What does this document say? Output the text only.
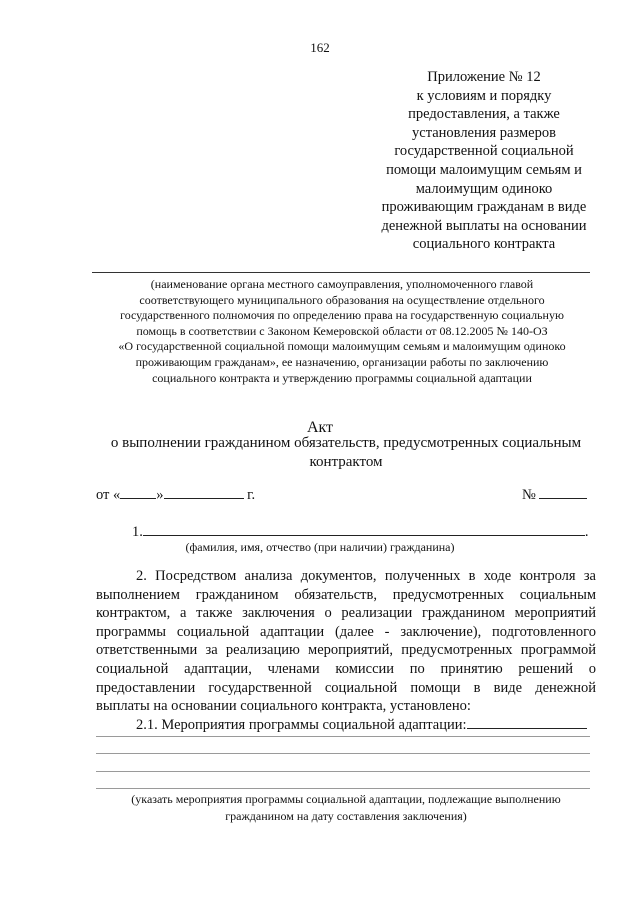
162
Приложение № 12
к условиям и порядку
предоставления, а также
установления размеров
государственной социальной
помощи малоимущим семьям и
малоимущим одиноко
проживающим гражданам в виде
денежной выплаты на основании
социального контракта
(наименование органа местного самоуправления, уполномоченного главой
соответствующего муниципального образования на осуществление отдельного
государственного полномочия по определению права на государственную социальную
помощь в соответствии с Законом Кемеровской области от 08.12.2005 № 140-ОЗ
«О государственной социальной помощи малоимущим семьям и малоимущим одиноко
проживающим гражданам», ее назначению, организации работы по заключению
социального контракта и утверждению программы социальной адаптации
Акт
о выполнении гражданином обязательств, предусмотренных социальным
контрактом
от « »	г.	№
1.	.
(фамилия, имя, отчество (при наличии) гражданина)
2. Посредством анализа документов, полученных в ходе контроля за
выполнением гражданином обязательств, предусмотренных социальным
контрактом, а также заключения о реализации гражданином мероприятий
программы социальной адаптации (далее - заключение), подготовленного
ответственными за реализацию мероприятий, предусмотренных программой
социальной адаптации, членами комиссии по принятию решений о
предоставлении государственной социальной помощи в виде денежной
выплаты на основании социального контракта, установлено:
2.1. Мероприятия программы социальной адаптации:
(указать мероприятия программы социальной адаптации, подлежащие выполнению
гражданином на дату составления заключения)
